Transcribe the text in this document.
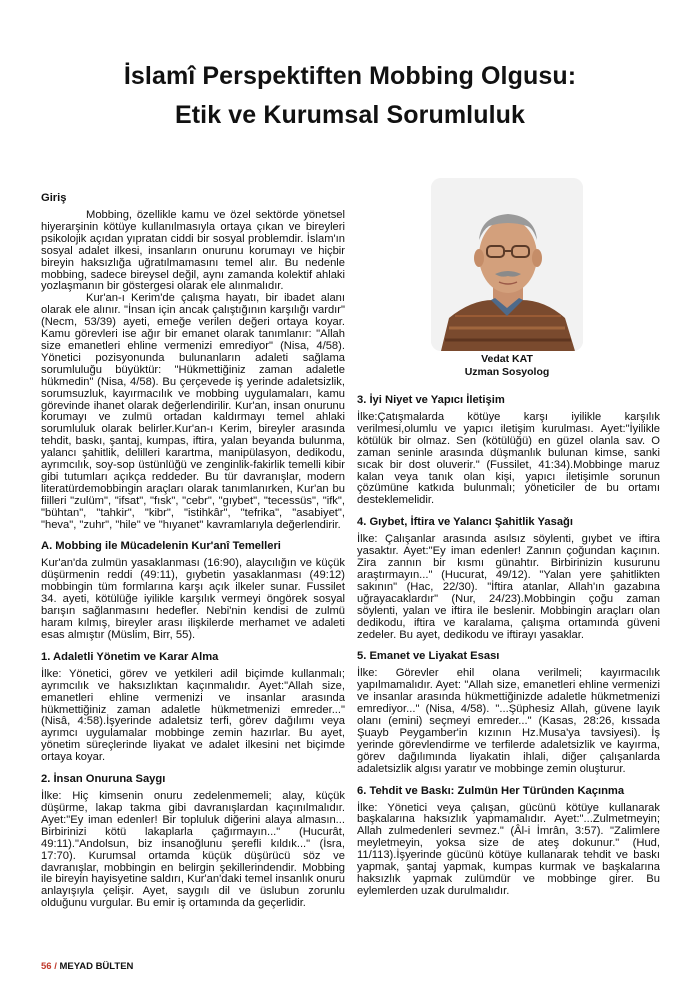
İslamî Perspektiften Mobbing Olgusu:
Etik ve Kurumsal Sorumluluk
Giriş

Mobbing, özellikle kamu ve özel sektörde yönetsel hiyerarşinin kötüye kullanılmasıyla ortaya çıkan ve bireyleri psikolojik açıdan yıpratan ciddi bir sosyal problemdir. İslam'ın sosyal adalet ilkesi, insanların onurunu korumayı ve hiçbir bireyin haksızlığa uğratılmamasını temel alır. Bu nedenle mobbing, sadece bireysel değil, aynı zamanda kolektif ahlaki yozlaşmanın bir göstergesi olarak ele alınmalıdır.

Kur'an-ı Kerim'de çalışma hayatı, bir ibadet alanı olarak ele alınır. "İnsan için ancak çalıştığının karşılığı vardır" (Necm, 53/39) ayeti, emeğe verilen değeri ortaya koyar. Kamu görevleri ise ağır bir emanet olarak tanımlanır: "Allah size emanetleri ehline vermenizi emrediyor" (Nisa, 4/58). Yönetici pozisyonunda bulunanların adaleti sağlama sorumluluğu büyüktür: "Hükmettiğiniz zaman adaletle hükmedin" (Nisa, 4/58). Bu çerçevede iş yerinde adaletsizlik, sorumsuzluk, kayırmacılık ve mobbing uygulamaları, kamu görevinde ihanet olarak değerlendirilir. Kur'an, insan onurunu korumayı ve zulmü ortadan kaldırmayı temel ahlaki sorumluluk olarak belirler.Kur'an-ı Kerim, bireyler arasında tehdit, baskı, şantaj, kumpas, iftira, yalan beyanda bulunma, yalancı şahitlik, delilleri karartma, manipülasyon, dedikodu, ayrımcılık, soy-sop üstünlüğü ve zenginlik-fakirlik temelli kibir gibi tutumları açıkça reddeder. Bu tür davranışlar, modern literatürdemobbingin araçları olarak tanımlanırken, Kur'an bu fiilleri "zulüm", "ifsat", "fısk", "cebr", "gıybet", "tecessüs", "ifk", "bühtan", "tahkir", "kibr", "istihkâr", "tefrika", "asabiyet", "heva", "zuhr", "hile" ve "hıyanet" kavramlarıyla değerlendirir.

A. Mobbing ile Mücadelenin Kur'anî Temelleri

Kur'an'da zulmün yasaklanması (16:90), alaycılığın ve küçük düşürmenin reddi (49:11), gıybetin yasaklanması (49:12) mobbingin tüm formlarına karşı açık ilkeler sunar. Fussilet 34. ayeti, kötülüğe iyilikle karşılık vermeyi öngörek sosyal barışın sağlanmasını hedefler. Nebi'nin kendisi de zulmü haram kılmış, bireyler arası ilişkilerde merhamet ve adaleti esas almıştır (Müslim, Birr, 55).

1. Adaletli Yönetim ve Karar Alma

İlke: Yönetici, görev ve yetkileri adil biçimde kullanmalı; ayrımcılık ve haksızlıktan kaçınmalıdır. Ayet:"Allah size, emanetleri ehline vermenizi ve insanlar arasında hükmettiğiniz zaman adaletle hükmetmenizi emreder..." (Nisâ, 4:58).İşyerinde adaletsiz terfi, görev dağılımı veya ayrımcı uygulamalar mobbinge zemin hazırlar. Bu ayet, yönetim süreçlerinde liyakat ve adalet ilkesini net biçimde ortaya koyar.

2. İnsan Onuruna Saygı

İlke: Hiç kimsenin onuru zedelenmemeli; alay, küçük düşürme, lakap takma gibi davranışlardan kaçınılmalıdır. Ayet:"Ey iman edenler! Bir topluluk diğerini alaya almasın... Birbirinizi kötü lakaplarla çağırmayın..." (Hucurât, 49:11)."Andolsun, biz insanoğlunu şerefli kıldık..." (İsra, 17:70). Kurumsal ortamda küçük düşürücü söz ve davranışlar, mobbingin en belirgin şekillerindendir. Mobbing ile bireyin hayisyetine saldırı, Kur'an'daki temel insanlık onuru anlayışıyla çelişir. Ayet, saygılı dil ve üslubun zorunlu olduğunu vurgular. Bu emir iş ortamında da geçerlidir.

Vedat KAT
Uzman Sosyolog
3. İyi Niyet ve Yapıcı İletişim

İlke:Çatışmalarda kötüye karşı iyilikle karşılık verilmesi,olumlu ve yapıcı iletişim kurulması. Ayet:"İyilikle kötülük bir olmaz. Sen (kötülüğü) en güzel olanla sav. O zaman seninle arasında düşmanlık bulunan kimse, sanki sıcak bir dost oluverir." (Fussilet, 41:34).Mobbinge maruz kalan veya tanık olan kişi, yapıcı iletişimle sorunun çözümüne katkıda bulunmalı; yöneticiler de bu ortamı desteklemelidir.

4. Gıybet, İftira ve Yalancı Şahitlik Yasağı

İlke: Çalışanlar arasında asılsız söylenti, gıybet ve iftira yasaktır. Ayet:"Ey iman edenler! Zannın çoğundan kaçının. Zira zannın bir kısmı günahtır. Birbirinizin kusurunu araştırmayın..." (Hucurat, 49/12). "Yalan yere şahitlikten sakının" (Hac, 22/30). "İftira atanlar, Allah'ın gazabına uğrayacaklardır" (Nur, 24/23).Mobbingin çoğu zaman söylenti, yalan ve iftira ile beslenir. Mobbingin araçları olan dedikodu, iftira ve karalama, çalışma ortamında güveni zedeler. Bu ayet, dedikodu ve iftirayı yasaklar.

5. Emanet ve Liyakat Esası

İlke: Görevler ehil olana verilmeli; kayırmacılık yapılmamalıdır. Ayet: "Allah size, emanetleri ehline vermenizi ve insanlar arasında hükmettiğinizde adaletle hükmetmenizi emrediyor..." (Nisa, 4/58). "...Şüphesiz Allah, güvene layık olanı (emini) seçmeyi emreder..." (Kasas, 28:26, kıssada Şuayb Peygamber'in kızının Hz.Musa'ya tavsiyesi). İş yerinde görevlendirme ve terfilerde adaletsizlik ve kayırma, görev dağılımında liyakatin ihlali, diğer çalışanlarda adaletsizlik algısı yaratır ve mobbinge zemin oluşturur.

6. Tehdit ve Baskı: Zulmün Her Türünden Kaçınma

İlke: Yönetici veya çalışan, gücünü kötüye kullanarak başkalarına haksızlık yapmamalıdır. Ayet:"...Zulmetmeyin; Allah zulmedenleri sevmez." (Âl-i İmrân, 3:57). "Zalimlere meyletmeyin, yoksa size de ateş dokunur." (Hud, 11/113).İşyerinde gücünü kötüye kullanarak tehdit ve baskı yapmak, şantaj yapmak, kumpas kurmak ve başkalarına haksızlık yapmak zulümdür ve mobbinge girer. Bu eylemlerden uzak durulmalıdır.

56 / MEYAD BÜLTEN
